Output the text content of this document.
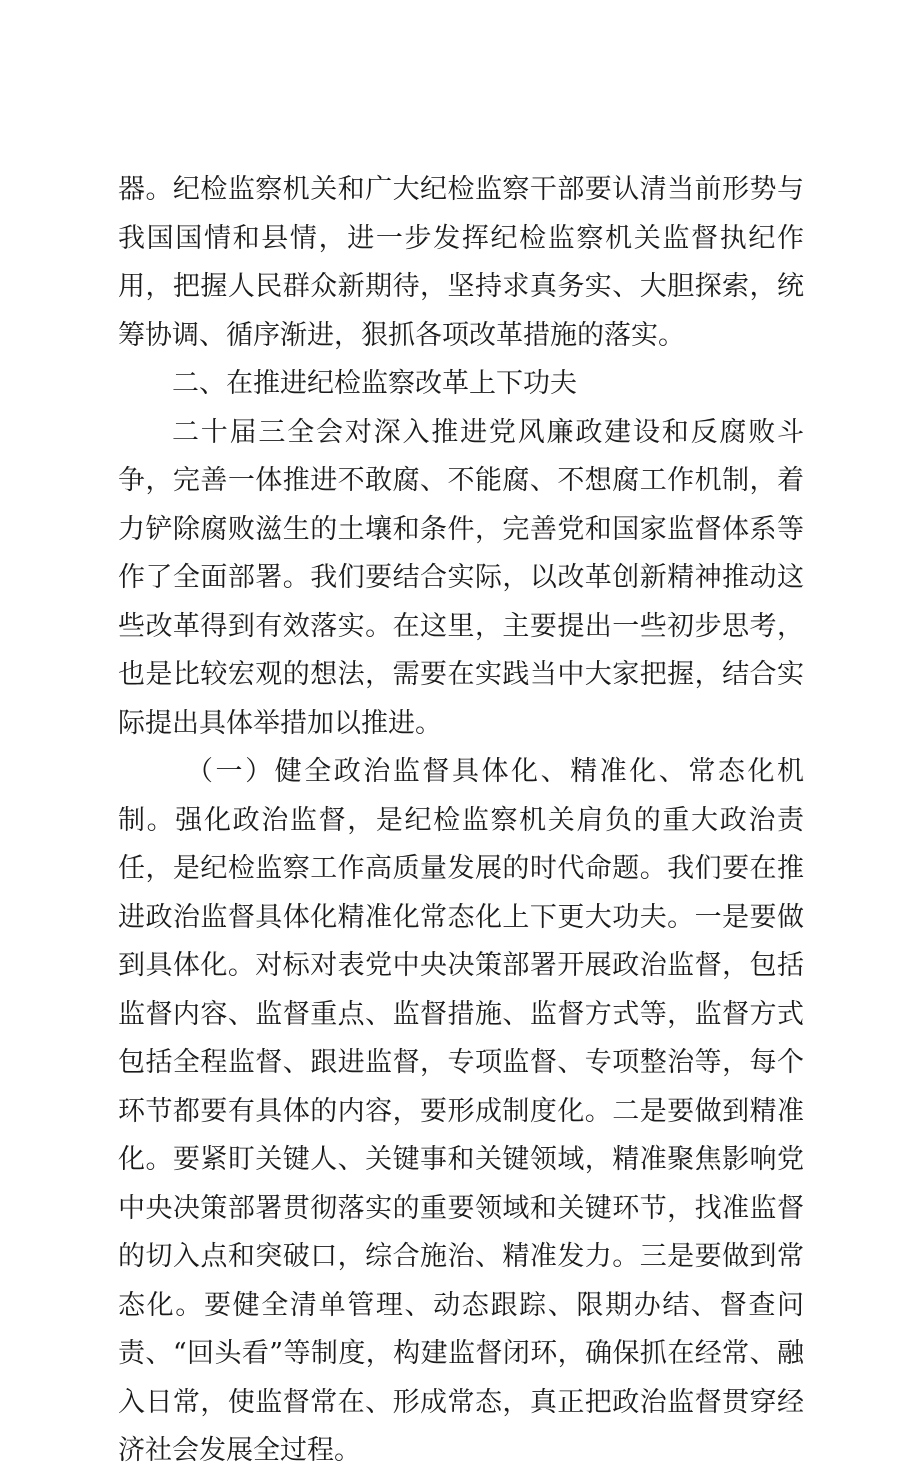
器。纪检监察机关和广大纪检监察干部要认清当前形势与我国国情和县情，进一步发挥纪检监察机关监督执纪作用，把握人民群众新期待，坚持求真务实、大胆探索，统筹协调、循序渐进，狠抓各项改革措施的落实。

二、在推进纪检监察改革上下功夫

二十届三全会对深入推进党风廉政建设和反腐败斗争，完善一体推进不敢腐、不能腐、不想腐工作机制，着力铲除腐败滋生的土壤和条件，完善党和国家监督体系等作了全面部署。我们要结合实际，以改革创新精神推动这些改革得到有效落实。在这里，主要提出一些初步思考，也是比较宏观的想法，需要在实践当中大家把握，结合实际提出具体举措加以推进。

（一）健全政治监督具体化、精准化、常态化机制。强化政治监督，是纪检监察机关肩负的重大政治责任，是纪检监察工作高质量发展的时代命题。我们要在推进政治监督具体化精准化常态化上下更大功夫。一是要做到具体化。对标对表党中央决策部署开展政治监督，包括监督内容、监督重点、监督措施、监督方式等，监督方式包括全程监督、跟进监督，专项监督、专项整治等，每个环节都要有具体的内容，要形成制度化。二是要做到精准化。要紧盯关键人、关键事和关键领域，精准聚焦影响党中央决策部署贯彻落实的重要领域和关键环节，找准监督的切入点和突破口，综合施治、精准发力。三是要做到常态化。要健全清单管理、动态跟踪、限期办结、督查问责、“回头看”等制度，构建监督闭环，确保抓在经常、融入日常，使监督常在、形成常态，真正把政治监督贯穿经济社会发展全过程。
